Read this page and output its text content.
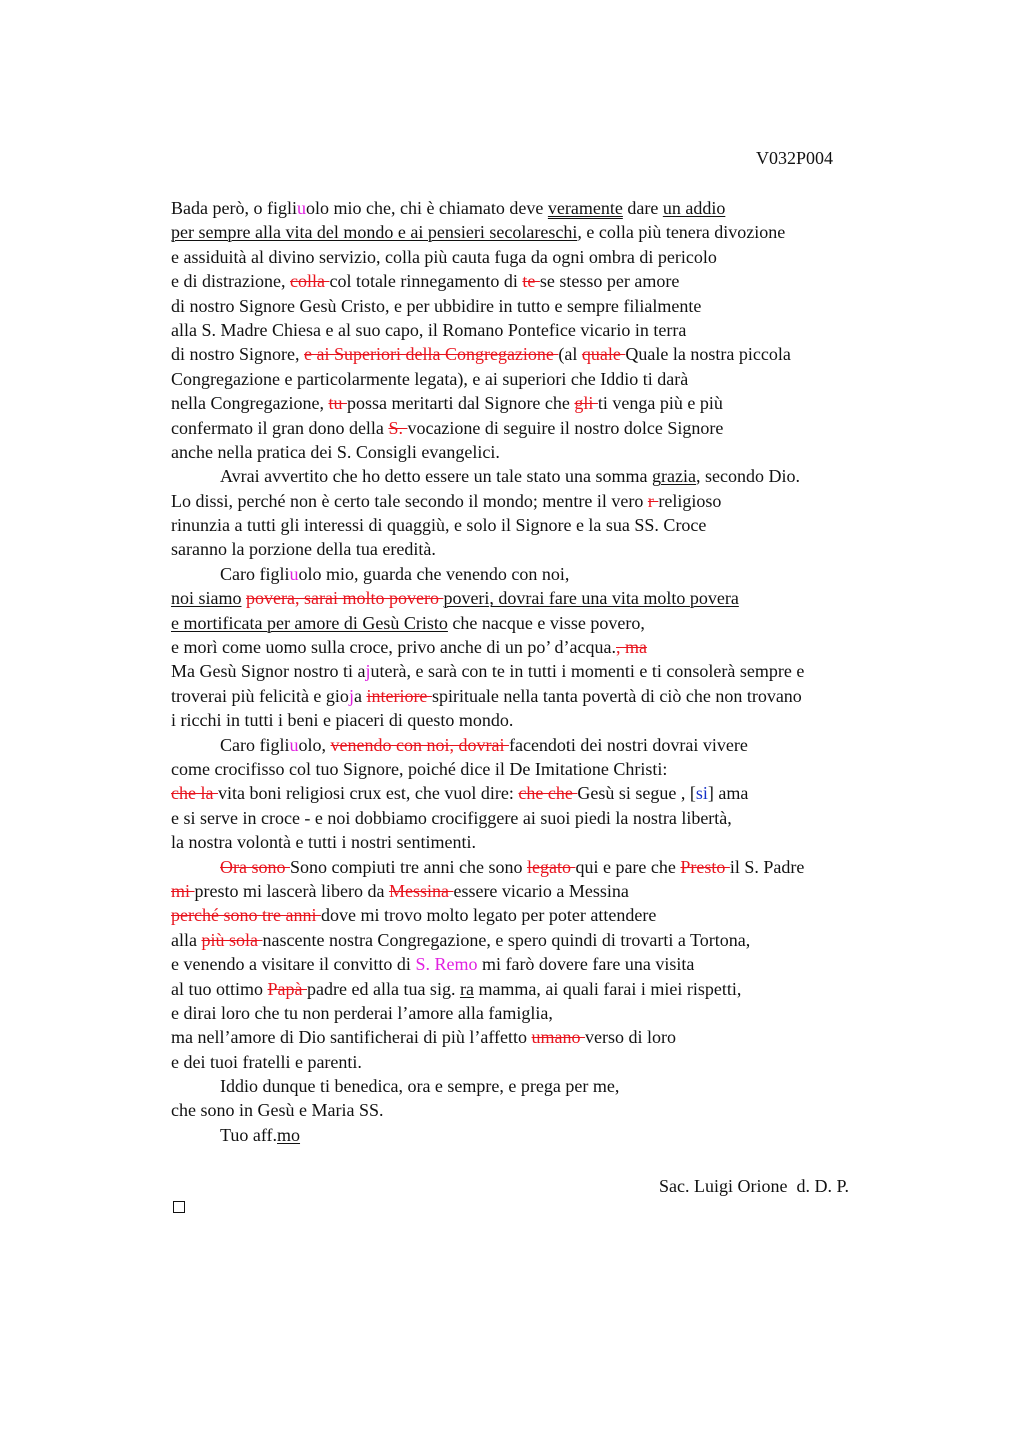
V032P004
Bada però, o figliuolo mio che, chi è chiamato deve veramente dare un addio
per sempre alla vita del mondo e ai pensieri secolareschi, e colla più tenera divozione
e assiduità al divino servizio, colla più cauta fuga da ogni ombra di pericolo
e di distrazione, colla col totale rinnegamento di te se stesso per amore
di nostro Signore Gesù Cristo, e per ubbidire in tutto e sempre filialmente
alla S. Madre Chiesa e al suo capo, il Romano Pontefice vicario in terra
di nostro Signore, e ai Superiori della Congregazione (al quale Quale la nostra piccola
Congregazione e particolarmente legata), e ai superiori che Iddio ti darà
nella Congregazione, tu possa meritarti dal Signore che gli ti venga più e più
confermato il gran dono della S. vocazione di seguire il nostro dolce Signore
anche nella pratica dei S. Consigli evangelici.
Avrai avvertito che ho detto essere un tale stato una somma grazia, secondo Dio.
Lo dissi, perché non è certo tale secondo il mondo; mentre il vero r religioso
rinunzia a tutti gli interessi di quaggiù, e solo il Signore e la sua SS. Croce
saranno la porzione della tua eredità.
Caro figliuolo mio, guarda che venendo con noi,
noi siamo povera, sarai molto povero poveri, dovrai fare una vita molto povera
e mortificata per amore di Gesù Cristo che nacque e visse povero,
e morì come uomo sulla croce, privo anche di un po’ d’acqua., ma
Ma Gesù Signor nostro ti ajuterà, e sarà con te in tutti i momenti e ti consolerà sempre e
troverai più felicità e gioja interiore spirituale nella tanta povertà di ciò che non trovano
i ricchi in tutti i beni e piaceri di questo mondo.
Caro figliuolo, venendo con noi, dovrai facendoti dei nostri dovrai vivere
come crocifisso col tuo Signore, poiché dice il De Imitatione Christi:
che la vita boni religiosi crux est, che vuol dire: che che Gesù si segue , [si] ama
e si serve in croce - e noi dobbiamo crocifiggere ai suoi piedi la nostra libertà,
la nostra volontà e tutti i nostri sentimenti.
Ora sono Sono compiuti tre anni che sono legato qui e pare che Presto il S. Padre
mi presto mi lascerà libero da Messina essere vicario a Messina
perché sono tre anni dove mi trovo molto legato per poter attendere
alla più sola nascente nostra Congregazione, e spero quindi di trovarti a Tortona,
e venendo a visitare il convitto di S. Remo mi farò dovere fare una visita
al tuo ottimo Papà padre ed alla tua sig. ra mamma, ai quali farai i miei rispetti,
e dirai loro che tu non perderai l’amore alla famiglia,
ma nell’amore di Dio santificherai di più l’affetto umano verso di loro
e dei tuoi fratelli e parenti.
Iddio dunque ti benedica, ora e sempre, e prega per me,
che sono in Gesù e Maria SS.
Tuo aff.mo
Sac. Luigi Orione  d. D. P.
